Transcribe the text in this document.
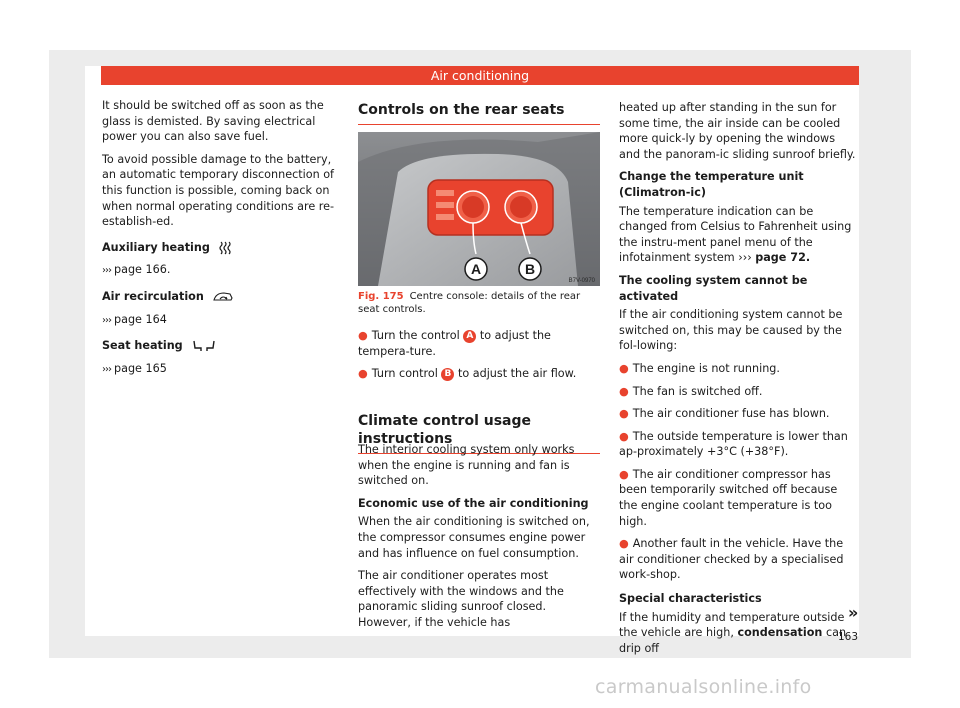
Air conditioning

It should be switched off as soon as the glass is demisted. By saving electrical power you can also save fuel.

To avoid possible damage to the battery, an automatic temporary disconnection of this function is possible, coming back on when normal operating conditions are re-establish-ed.

Auxiliary heating

››› page 166.

Air recirculation

››› page 164

Seat heating

››› page 165

Controls on the rear seats
A	B
B7V-0970
Fig. 175 Centre console: details of the rear seat controls.

● Turn the control A to adjust the tempera-ture.

● Turn control B to adjust the air flow.

Climate control usage instructions

The interior cooling system only works when the engine is running and fan is switched on.

Economic use of the air conditioning

When the air conditioning is switched on, the compressor consumes engine power and has influence on fuel consumption.

The air conditioner operates most effectively with the windows and the panoramic sliding sunroof closed. However, if the vehicle has

heated up after standing in the sun for some time, the air inside can be cooled more quick-ly by opening the windows and the panoram-ic sliding sunroof briefly.

Change the temperature unit (Climatron-ic)

The temperature indication can be changed from Celsius to Fahrenheit using the instru-ment panel menu of the infotainment system ››› page 72.

The cooling system cannot be activated

If the air conditioning system cannot be switched on, this may be caused by the fol-lowing:

● The engine is not running.

● The fan is switched off.

● The air conditioner fuse has blown.

● The outside temperature is lower than ap-proximately +3°C (+38°F).

● The air conditioner compressor has been temporarily switched off because the engine coolant temperature is too high.

● Another fault in the vehicle. Have the air conditioner checked by a specialised work-shop.

Special characteristics

If the humidity and temperature outside the vehicle are high, condensation can drip off

»
163
carmanualsonline.info
